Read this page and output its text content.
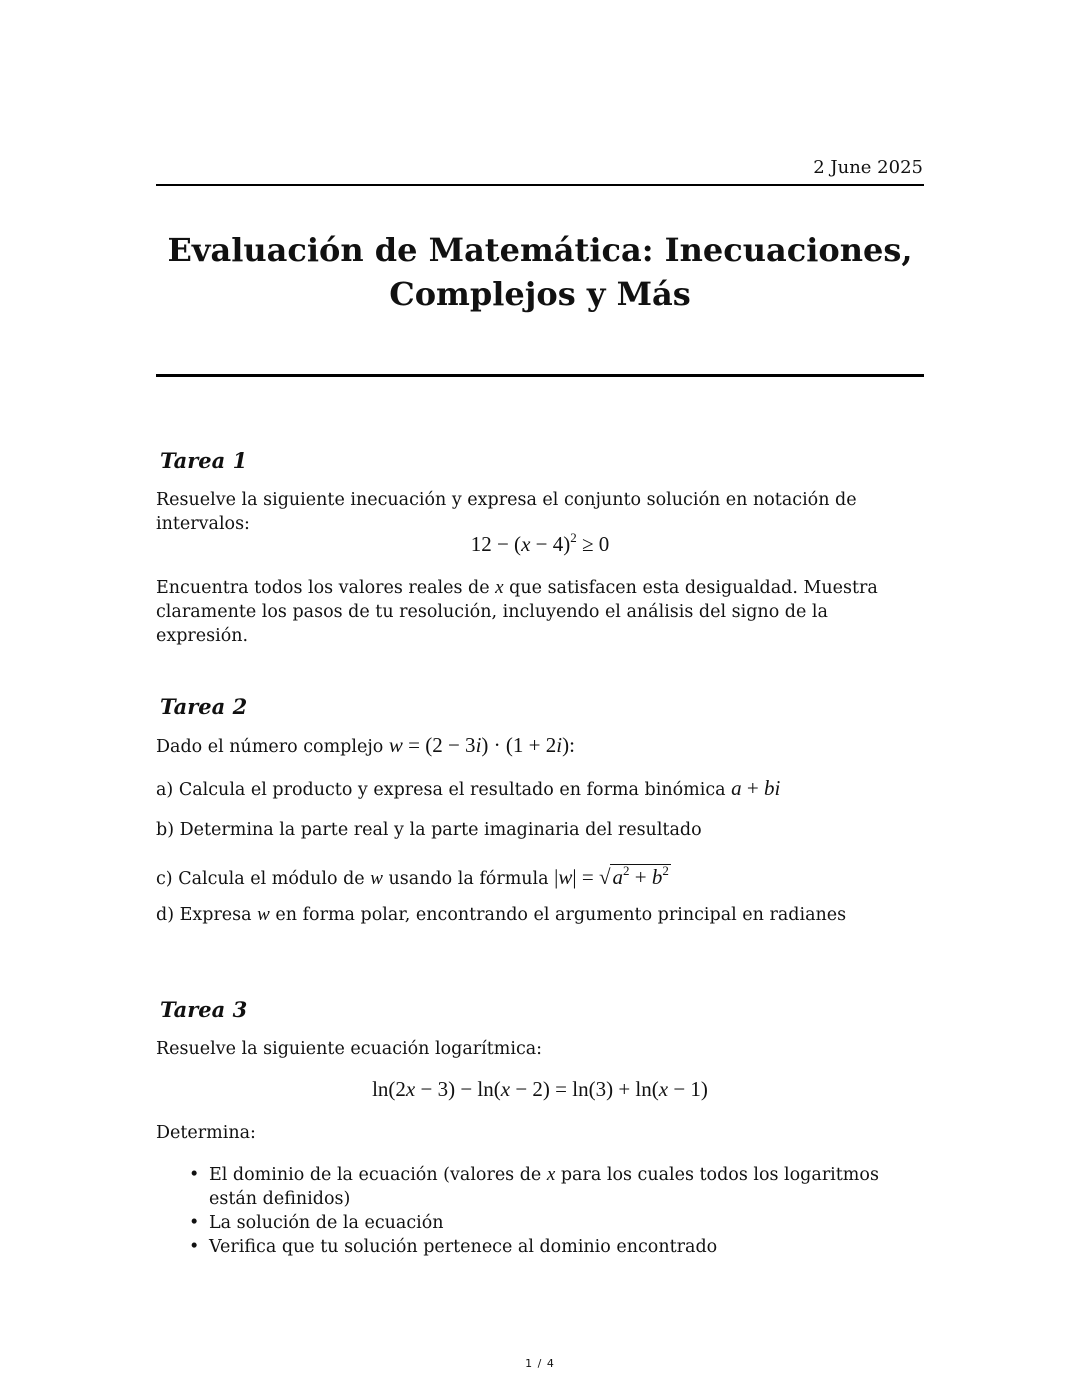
2 June 2025
Evaluación de Matemática: Inecuaciones,
Complejos y Más
Tarea 1
Resuelve la siguiente inecuación y expresa el conjunto solución en notación de intervalos:
$12 - (x - 4)^2 \ge 0$
Encuentra todos los valores reales de x que satisfacen esta desigualdad. Muestra claramente los pasos de tu resolución, incluyendo el análisis del signo de la expresión.
Tarea 2
Dado el número complejo w = (2 − 3i) · (1 + 2i):
a) Calcula el producto y expresa el resultado en forma binómica a + bi
b) Determina la parte real y la parte imaginaria del resultado
c) Calcula el módulo de w usando la fórmula $|w| = √a^2 + b^2$
d) Expresa w en forma polar, encontrando el argumento principal en radianes
Tarea 3
Resuelve la siguiente ecuación logarítmica:
ln(2x − 3) − ln(x − 2) = ln(3) + ln(x − 1)
Determina:
• El dominio de la ecuación (valores de x para los cuales todos los logaritmos están definidos)
• La solución de la ecuación
• Verifica que tu solución pertenece al dominio encontrado
1 / 4
